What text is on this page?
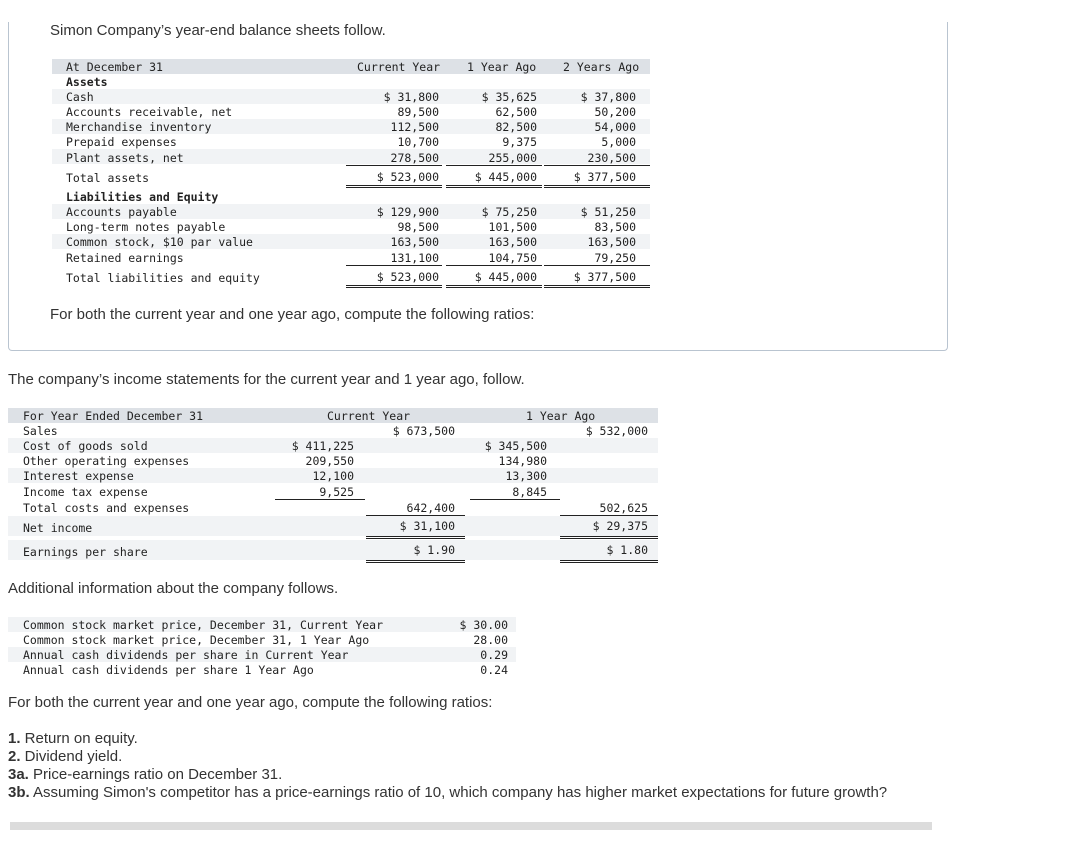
Simon Company’s year-end balance sheets follow.
At December 31	Current Year 1 Year Ago 2 Years Ago
Assets
Cash	$ 31,800	$ 35,625	$ 37,800
Accounts receivable, net	89,500	62,500	50,200
Merchandise inventory	112,500	82,500	54,000
Prepaid expenses	10,700	9,375	5,000
Plant assets, net	278,500	255,000	230,500
Total assets	$ 523,000	$ 445,000	$ 377,500
Liabilities and Equity
Accounts payable	$ 129,900	$ 75,250	$ 51,250
Long-term notes payable	98,500	101,500	83,500
Common stock, $10 par value	163,500	163,500	163,500
Retained earnings	131,100	104,750	79,250
Total liabilities and equity	$ 523,000	$ 445,000	$ 377,500
For both the current year and one year ago, compute the following ratios:
The company’s income statements for the current year and 1 year ago, follow.
For Year Ended December 31	Current Year	1 Year Ago
Sales	$ 673,500	$ 532,000
Cost of goods sold	$ 411,225	$ 345,500
Other operating expenses	209,550	134,980
Interest expense	12,100	13,300
Income tax expense	9,525	8,845
Total costs and expenses	642,400	502,625
Net income	$ 31,100	$ 29,375
Earnings per share	$ 1.90	$ 1.80
Additional information about the company follows.
Common stock market price, December 31, Current Year	$ 30.00
Common stock market price, December 31, 1 Year Ago	28.00
Annual cash dividends per share in Current Year	0.29
Annual cash dividends per share 1 Year Ago	0.24
For both the current year and one year ago, compute the following ratios:
1. Return on equity.
2. Dividend yield.
3a. Price-earnings ratio on December 31.
3b. Assuming Simon's competitor has a price-earnings ratio of 10, which company has higher market expectations for future growth?
